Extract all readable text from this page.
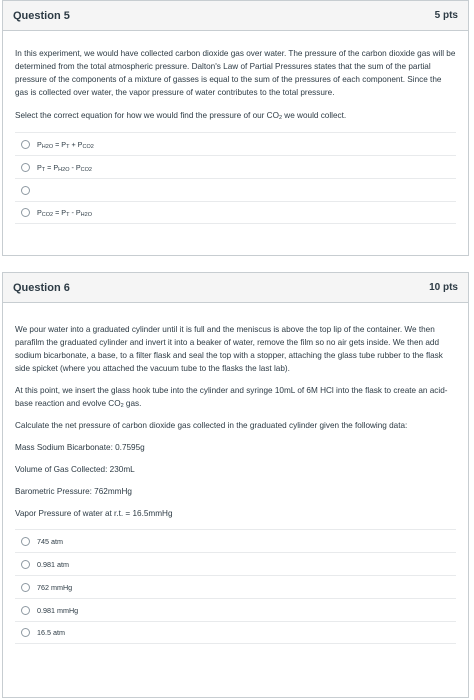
Question 5	5 pts

In this experiment, we would have collected carbon dioxide gas over water. The pressure of the carbon dioxide gas will be determined from the total atmospheric pressure. Dalton's Law of Partial Pressures states that the sum of the partial pressure of the components of a mixture of gasses is equal to the sum of the pressures of each component. Since the gas is collected over water, the vapor pressure of water contributes to the total pressure.

Select the correct equation for how we would find the pressure of our $CO_2$ we would collect.

$P_{H2O} = P_T + P_{CO2}$
$P_T = P_{H2O} - P_{CO2}$
$P_{CO2} = P_T - P_{H2O}$
Question 6	10 pts

We pour water into a graduated cylinder until it is full and the meniscus is above the top lip of the container. We then parafilm the graduated cylinder and invert it into a beaker of water, remove the film so no air gets inside. We then add sodium bicarbonate, a base, to a filter flask and seal the top with a stopper, attaching the glass tube rubber to the flask side spicket (where you attached the vacuum tube to the flasks the last lab).

At this point, we insert the glass hook tube into the cylinder and syringe 10mL of 6M HCl into the flask to create an acid-base reaction and evolve $CO_2$ gas.

Calculate the net pressure of carbon dioxide gas collected in the graduated cylinder given the following data:

Mass Sodium Bicarbonate: 0.7595g

Volume of Gas Collected: 230mL

Barometric Pressure: 762mmHg

Vapor Pressure of water at r.t. = 16.5mmHg

745 atm
0.981 atm
762 mmHg
0.981 mmHg
16.5 atm
